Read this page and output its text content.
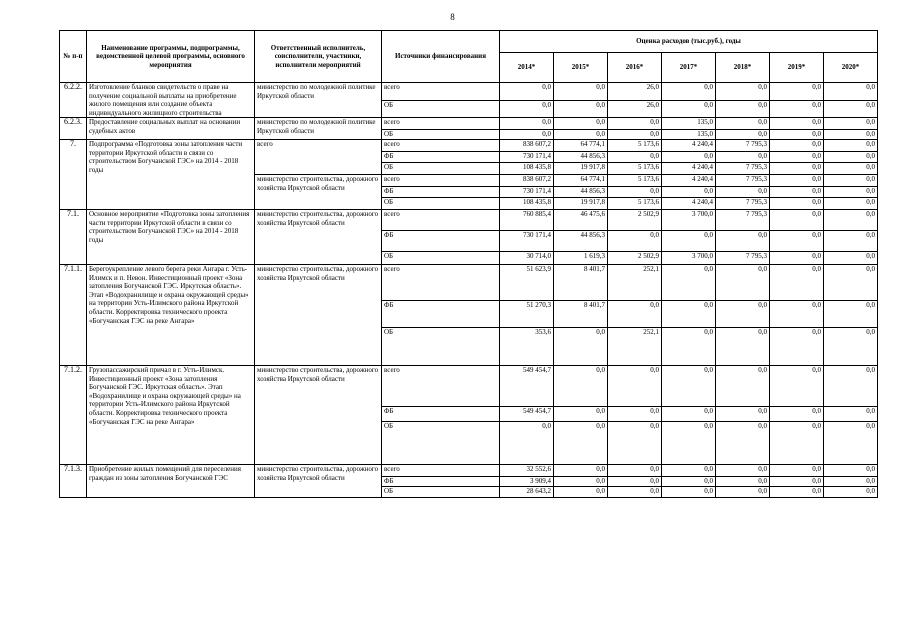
8
№ п-п	Наименование программы, подпрограммы, ведомственной целевой программы, основного мероприятия	Ответственный исполнитель, соисполнители, участники, исполнители мероприятий	Источники финансирования	Оценка расходов (тыс.руб.), годы						
				2014*	2015*	2016*	2017*	2018*	2019*	2020*
6.2.2.	Изготовление бланков свидетельств о праве на получение социальной выплаты на приобретение жилого помещения или создание объекта индивидуального жилищного строительства	министерство по молодежной политике Иркутской области	всего	0,0	0,0	26,0	0,0	0,0	0,0	0,0
			ОБ	0,0	0,0	26,0	0,0	0,0	0,0	0,0
6.2.3.	Предоставление социальных выплат на основании судебных актов	министерство по молодежной политике Иркутской области	всего	0,0	0,0	0,0	135,0	0,0	0,0	0,0
			ОБ	0,0	0,0	0,0	135,0	0,0	0,0	0,0
7.	Подпрограмма «Подготовка зоны затопления части территории Иркутской области в связи со строительством Богучанской ГЭС» на 2014 - 2018 годы	всего	всего	838 607,2	64 774,1	5 173,6	4 240,4	7 795,3	0,0	0,0
			ФБ	730 171,4	44 856,3	0,0	0,0	0,0	0,0	0,0
			ОБ	108 435,8	19 917,8	5 173,6	4 240,4	7 795,3	0,0	0,0
		министерство строительства, дорожного хозяйства Иркутской области	всего	838 607,2	64 774,1	5 173,6	4 240,4	7 795,3	0,0	0,0
			ФБ	730 171,4	44 856,3	0,0	0,0	0,0	0,0	0,0
			ОБ	108 435,8	19 917,8	5 173,6	4 240,4	7 795,3	0,0	0,0
7.1.	Основное мероприятие «Подготовка зоны затопления части территории Иркутской области в связи со строительством Богучанской ГЭС» на 2014 - 2018 годы	министерство строительства, дорожного хозяйства Иркутской области	всего	760 885,4	46 475,6	2 502,9	3 700,0	7 795,3	0,0	0,0
			ФБ	730 171,4	44 856,3	0,0	0,0	0,0	0,0	0,0
			ОБ	30 714,0	1 619,3	2 502,9	3 700,0	7 795,3	0,0	0,0
7.1.1.	Берегоукрепление левого берега реки Ангара г. Усть-Илимск и п. Невон. Инвестиционный проект «Зона затопления Богучанской ГЭС. Иркутская область». Этап «Водохранилище и охрана окружающей среды» на территории Усть-Илимского района Иркутской области. Корректировка технического проекта «Богучанская ГЭС на реке Ангара»	министерство строительства, дорожного хозяйства Иркутской области	всего	51 623,9	8 401,7	252,1	0,0	0,0	0,0	0,0
			ФБ	51 270,3	8 401,7	0,0	0,0	0,0	0,0	0,0
			ОБ	353,6	0,0	252,1	0,0	0,0	0,0	0,0
7.1.2.	Грузопассажирский причал в г. Усть-Илимск. Инвестиционный проект «Зона затопления Богучанской ГЭС. Иркутская область». Этап «Водохранилище и охрана окружающей среды» на территории Усть-Илимского района Иркутской области. Корректировка технического проекта «Богучанская ГЭС на реке Ангара»	министерство строительства, дорожного хозяйства Иркутской области	всего	549 454,7	0,0	0,0	0,0	0,0	0,0	0,0
			ФБ	549 454,7	0,0	0,0	0,0	0,0	0,0	0,0
			ОБ	0,0	0,0	0,0	0,0	0,0	0,0	0,0
7.1.3.	Приобретение жилых помещений для переселения граждан из зоны затопления Богучанской ГЭС	министерство строительства, дорожного хозяйства Иркутской области	всего	32 552,6	0,0	0,0	0,0	0,0	0,0	0,0
			ФБ	3 909,4	0,0	0,0	0,0	0,0	0,0	0,0
			ОБ	28 643,2	0,0	0,0	0,0	0,0	0,0	0,0
